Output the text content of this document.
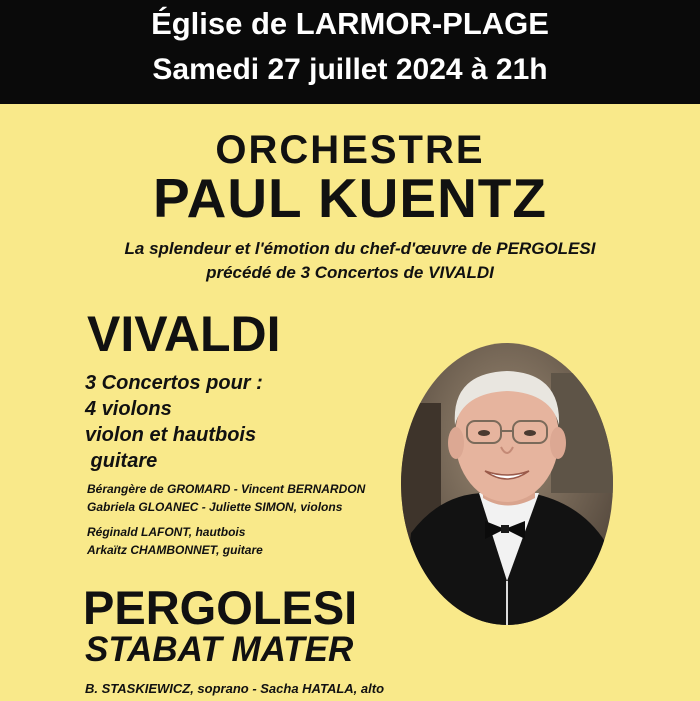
Église de LARMOR-PLAGE
Samedi 27 juillet 2024 à 21h
ORCHESTRE
PAUL KUENTZ
La splendeur et l'émotion du chef-d'œuvre de PERGOLESI
précédé de 3 Concertos de VIVALDI
VIVALDI
3 Concertos pour :
4 violons
violon et hautbois
guitare
Bérangère de GROMARD - Vincent BERNARDON
Gabriela GLOANEC - Juliette SIMON, violons
Réginald LAFONT, hautbois
Arkaïtz CHAMBONNET, guitare
PERGOLESI
STABAT MATER
B. STASKIEWICZ, soprano - Sacha HATALA, alto
